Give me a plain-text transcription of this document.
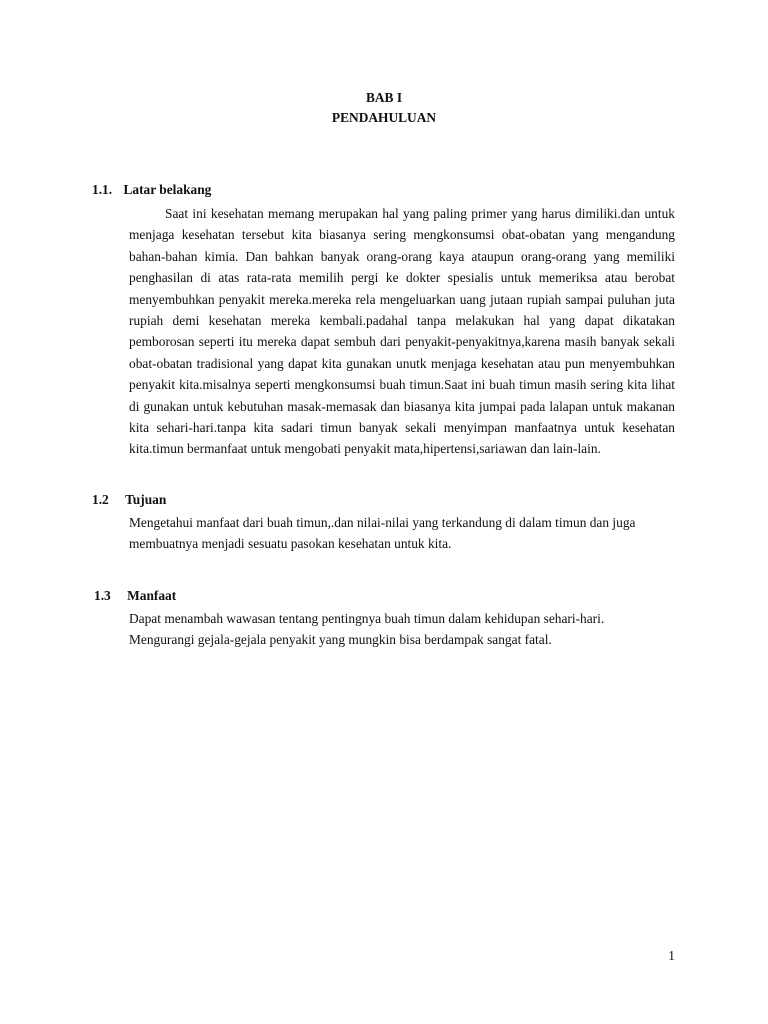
BAB I
PENDAHULUAN
1.1. Latar belakang

Saat ini kesehatan memang merupakan hal yang paling primer yang harus dimiliki.dan untuk menjaga kesehatan tersebut kita biasanya sering mengkonsumsi obat-obatan yang mengandung bahan-bahan kimia. Dan bahkan banyak orang-orang kaya ataupun orang-orang yang memiliki penghasilan di atas rata-rata memilih pergi ke dokter spesialis untuk memeriksa atau berobat menyembuhkan penyakit mereka.mereka rela mengeluarkan uang jutaan rupiah sampai puluhan juta rupiah demi kesehatan mereka kembali.padahal tanpa melakukan hal yang dapat dikatakan pemborosan seperti itu mereka dapat sembuh dari penyakit-penyakitnya,karena masih banyak sekali obat-obatan tradisional yang dapat kita gunakan unutk menjaga kesehatan atau pun menyembuhkan penyakit kita.misalnya seperti mengkonsumsi buah timun.Saat ini buah timun masih sering kita lihat di gunakan untuk kebutuhan masak-memasak dan biasanya kita jumpai pada lalapan untuk makanan kita sehari-hari.tanpa kita sadari timun banyak sekali menyimpan manfaatnya untuk kesehatan kita.timun bermanfaat untuk mengobati penyakit mata,hipertensi,sariawan dan lain-lain.

1.2 Tujuan

Mengetahui manfaat dari buah timun,.dan nilai-nilai yang terkandung di dalam timun dan juga membuatnya menjadi sesuatu pasokan kesehatan untuk kita.

1.3 Manfaat

Dapat menambah wawasan tentang pentingnya buah timun dalam kehidupan sehari-hari. Mengurangi gejala-gejala penyakit yang mungkin bisa berdampak sangat fatal.

1
